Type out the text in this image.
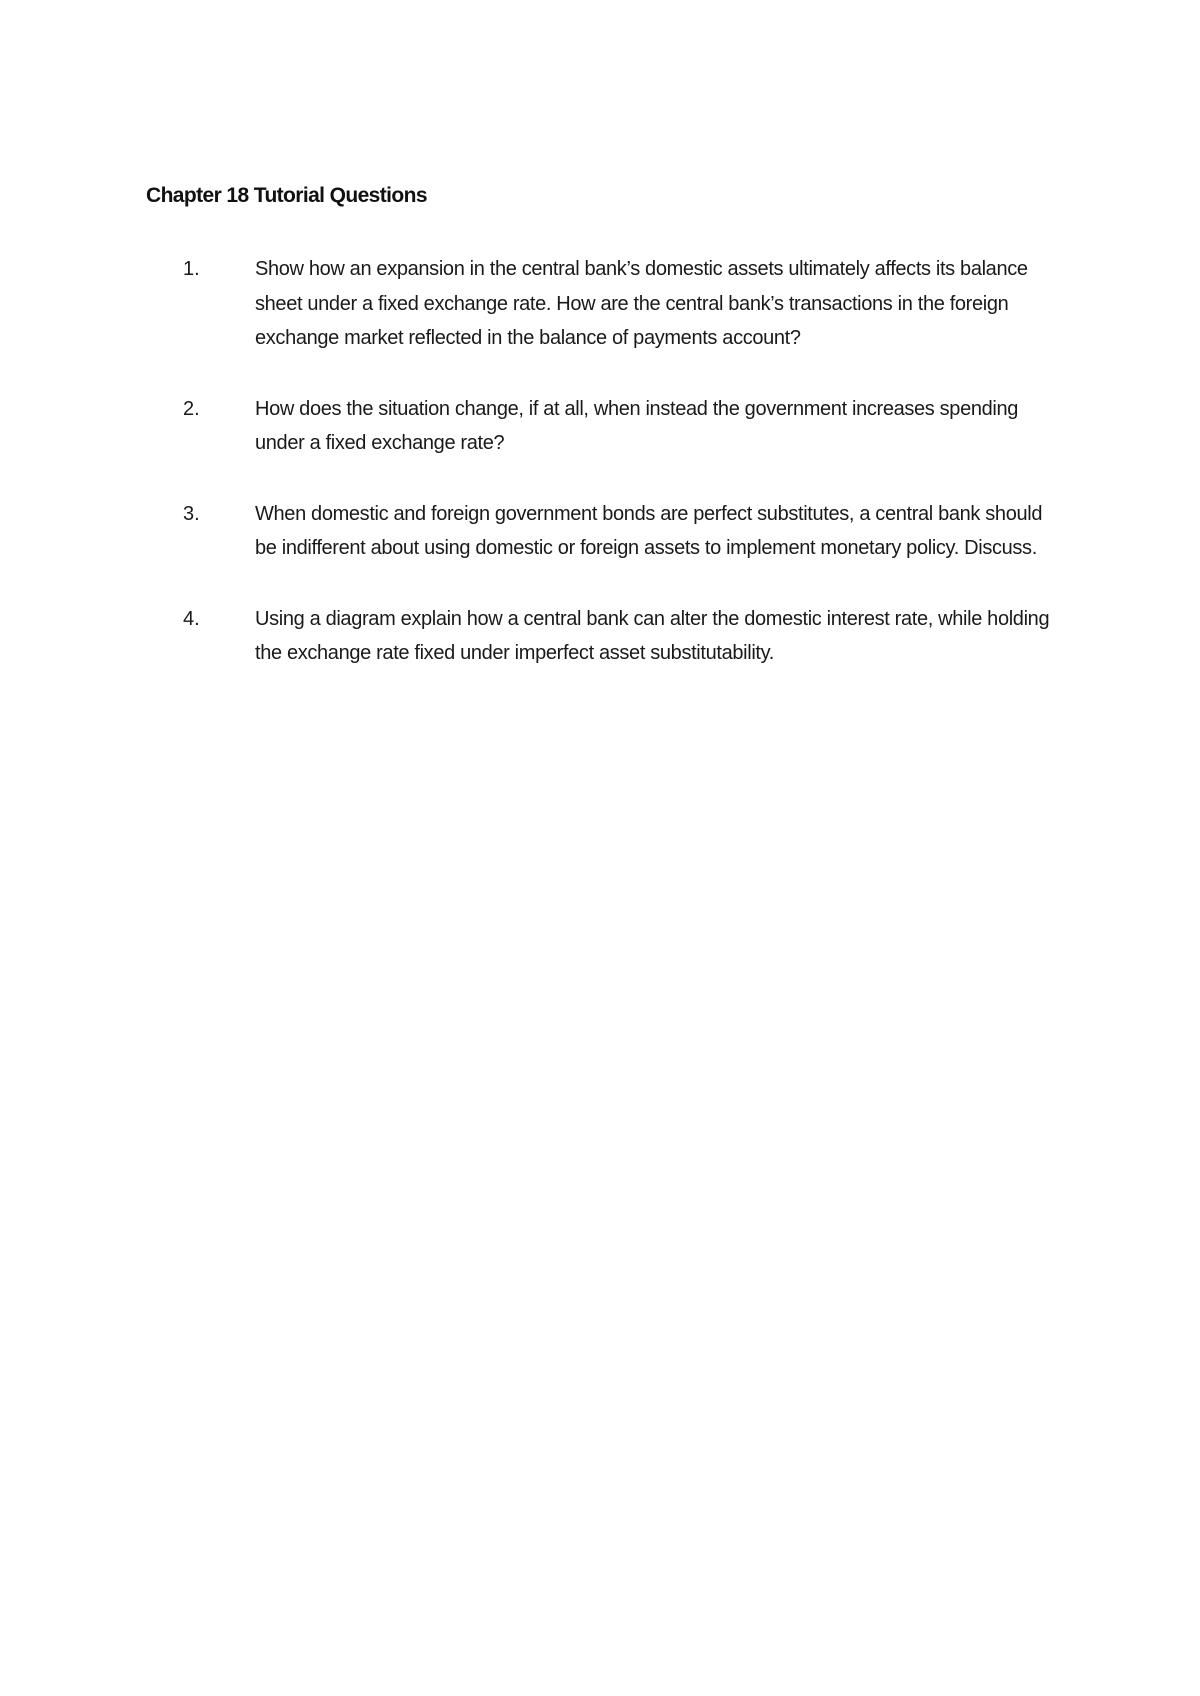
Chapter 18 Tutorial Questions
1.	Show how an expansion in the central bank’s domestic assets ultimately affects its balance sheet under a fixed exchange rate. How are the central bank’s transactions in the foreign exchange market reflected in the balance of payments account?
2.	How does the situation change, if at all, when instead the government increases spending under a fixed exchange rate?
3.	When domestic and foreign government bonds are perfect substitutes, a central bank should be indifferent about using domestic or foreign assets to implement monetary policy. Discuss.
4.	Using a diagram explain how a central bank can alter the domestic interest rate, while holding the exchange rate fixed under imperfect asset substitutability.
